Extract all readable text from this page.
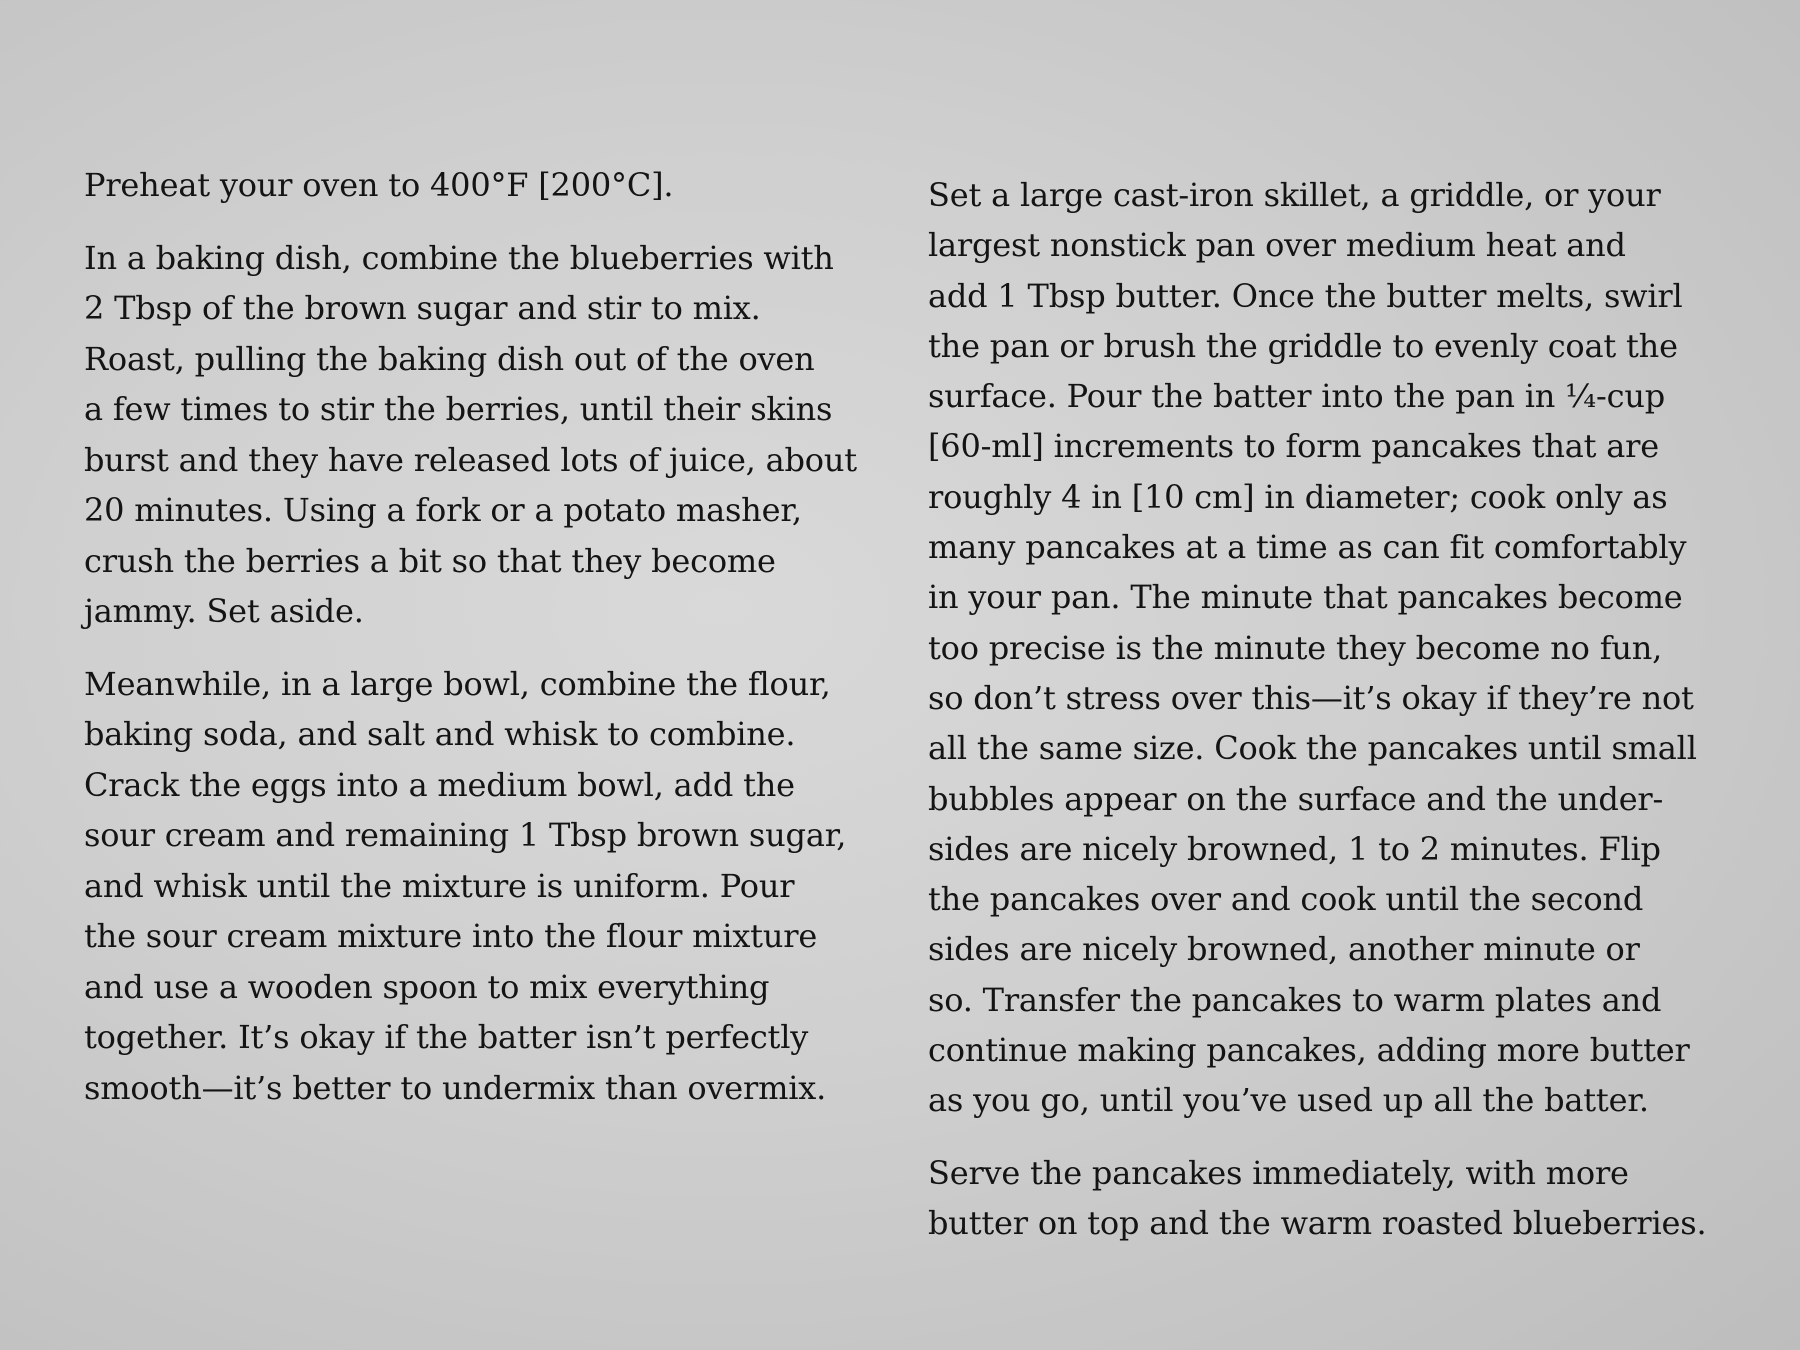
Preheat your oven to 400°F [200°C].

In a baking dish, combine the blueberries with
2 Tbsp of the brown sugar and stir to mix.
Roast, pulling the baking dish out of the oven
a few times to stir the berries, until their skins
burst and they have released lots of juice, about
20 minutes. Using a fork or a potato masher,
crush the berries a bit so that they become
jammy. Set aside.

Meanwhile, in a large bowl, combine the flour,
baking soda, and salt and whisk to combine.
Crack the eggs into a medium bowl, add the
sour cream and remaining 1 Tbsp brown sugar,
and whisk until the mixture is uniform. Pour
the sour cream mixture into the flour mixture
and use a wooden spoon to mix everything
together. It’s okay if the batter isn’t perfectly
smooth—it’s better to undermix than overmix.

Set a large cast-iron skillet, a griddle, or your
largest nonstick pan over medium heat and
add 1 Tbsp butter. Once the butter melts, swirl
the pan or brush the griddle to evenly coat the
surface. Pour the batter into the pan in ¼-cup
[60-ml] increments to form pancakes that are
roughly 4 in [10 cm] in diameter; cook only as
many pancakes at a time as can fit comfortably
in your pan. The minute that pancakes become
too precise is the minute they become no fun,
so don’t stress over this—it’s okay if they’re not
all the same size. Cook the pancakes until small
bubbles appear on the surface and the under-
sides are nicely browned, 1 to 2 minutes. Flip
the pancakes over and cook until the second
sides are nicely browned, another minute or
so. Transfer the pancakes to warm plates and
continue making pancakes, adding more butter
as you go, until you’ve used up all the batter.

Serve the pancakes immediately, with more
butter on top and the warm roasted blueberries.
